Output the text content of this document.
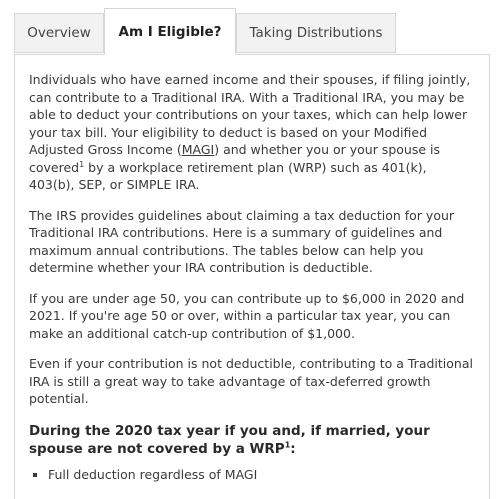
Overview Am I Eligible? Taking Distributions

Individuals who have earned income and their spouses, if filing jointly, can contribute to a Traditional IRA. With a Traditional IRA, you may be able to deduct your contributions on your taxes, which can help lower your tax bill. Your eligibility to deduct is based on your Modified Adjusted Gross Income (MAGI) and whether you or your spouse is covered$^1$ by a workplace retirement plan (WRP) such as 401(k), 403(b), SEP, or SIMPLE IRA.

The IRS provides guidelines about claiming a tax deduction for your Traditional IRA contributions. Here is a summary of guidelines and maximum annual contributions. The tables below can help you determine whether your IRA contribution is deductible.

If you are under age 50, you can contribute up to $6,000 in 2020 and 2021. If you're age 50 or over, within a particular tax year, you can make an additional catch-up contribution of $1,000.

Even if your contribution is not deductible, contributing to a Traditional IRA is still a great way to take advantage of tax-deferred growth potential.

During the 2020 tax year if you and, if married, your spouse are not covered by a WRP$^1$:
▪ Full deduction regardless of MAGI
